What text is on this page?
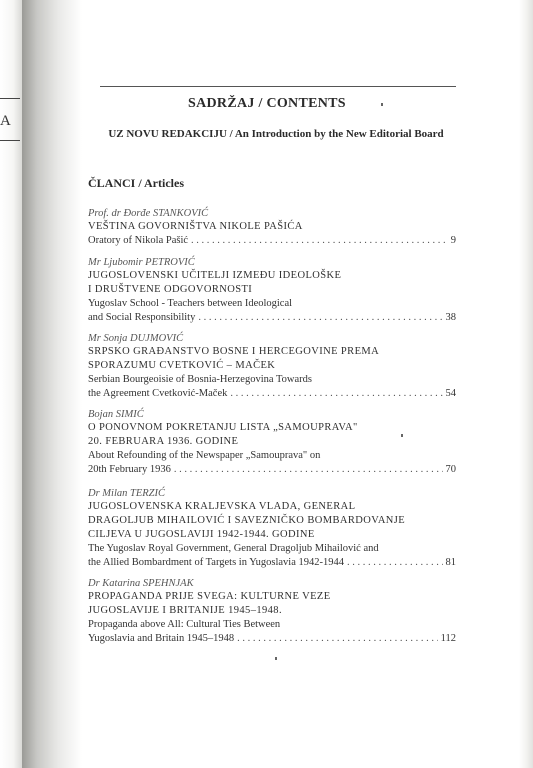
A
SADRŽAJ / CONTENTS
UZ NOVU REDAKCIJU / An Introduction by the New Editorial Board
ČLANCI / Articles
Prof. dr Đorđe STANKOVIĆ
VEŠTINA GOVORNIŠTVA NIKOLE PAŠIĆA
Oratory of Nikola Pašić . . .	9
Mr Ljubomir PETROVIĆ
JUGOSLOVENSKI UČITELJI IZMEĐU IDEOLOŠKE
I DRUŠTVENE ODGOVORNOSTI
Yugoslav School - Teachers between Ideological
and Social Responsibility . . .	38
Mr Sonja DUJMOVIĆ
SRPSKO GRAĐANSTVO BOSNE I HERCEGOVINE PREMA
SPORAZUMU CVETKOVIĆ – MAČEK
Serbian Bourgeoisie of Bosnia-Herzegovina Towards
the Agreement Cvetković-Maček . . .	54
Bojan SIMIĆ
O PONOVNOM POKRETANJU LISTA „SAMOUPRAVA"
20. FEBRUARA 1936. GODINE
About Refounding of the Newspaper „Samouprava" on
20th February 1936 . . .	70
Dr Milan TERZIĆ
JUGOSLOVENSKA KRALJEVSKA VLADA, GENERAL
DRAGOLJUB MIHAILOVIĆ I SAVEZNIČKO BOMBARDOVANJE
CILJEVA U JUGOSLAVIJI 1942-1944. GODINE
The Yugoslav Royal Government, General Dragoljub Mihailović and
the Allied Bombardment of Targets in Yugoslavia 1942-1944 . . .	81
Dr Katarina SPEHNJAK
PROPAGANDA PRIJE SVEGA: KULTURNE VEZE
JUGOSLAVIJE I BRITANIJE 1945–1948.
Propaganda above All: Cultural Ties Between
Yugoslavia and Britain 1945–1948 . . .	112
